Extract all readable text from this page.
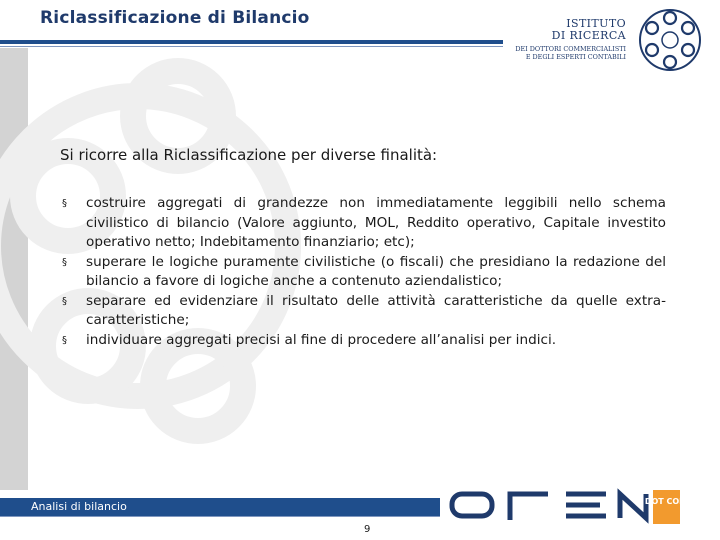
Riclassificazione di Bilancio	ISTITUTO
DI RICERCA
DEI DOTTORI COMMERCIALISTI
E DEGLI ESPERTI CONTABILI
Si ricorre alla Riclassificazione per diverse finalità:
§ costruire aggregati di grandezze non immediatamente leggibili nello schema civilistico di bilancio (Valore aggiunto, MOL, Reddito operativo, Capitale investito operativo netto; Indebitamento finanziario; etc);
§ superare le logiche puramente civilistiche (o fiscali) che presidiano la redazione del bilancio a favore di logiche anche a contenuto aziendalistico;
§ separare ed evidenziare il risultato delle attività caratteristiche da quelle extra-caratteristiche;
§ individuare aggregati precisi al fine di procedere all’analisi per indici.
Analisi di bilancio	DOT COM
9
